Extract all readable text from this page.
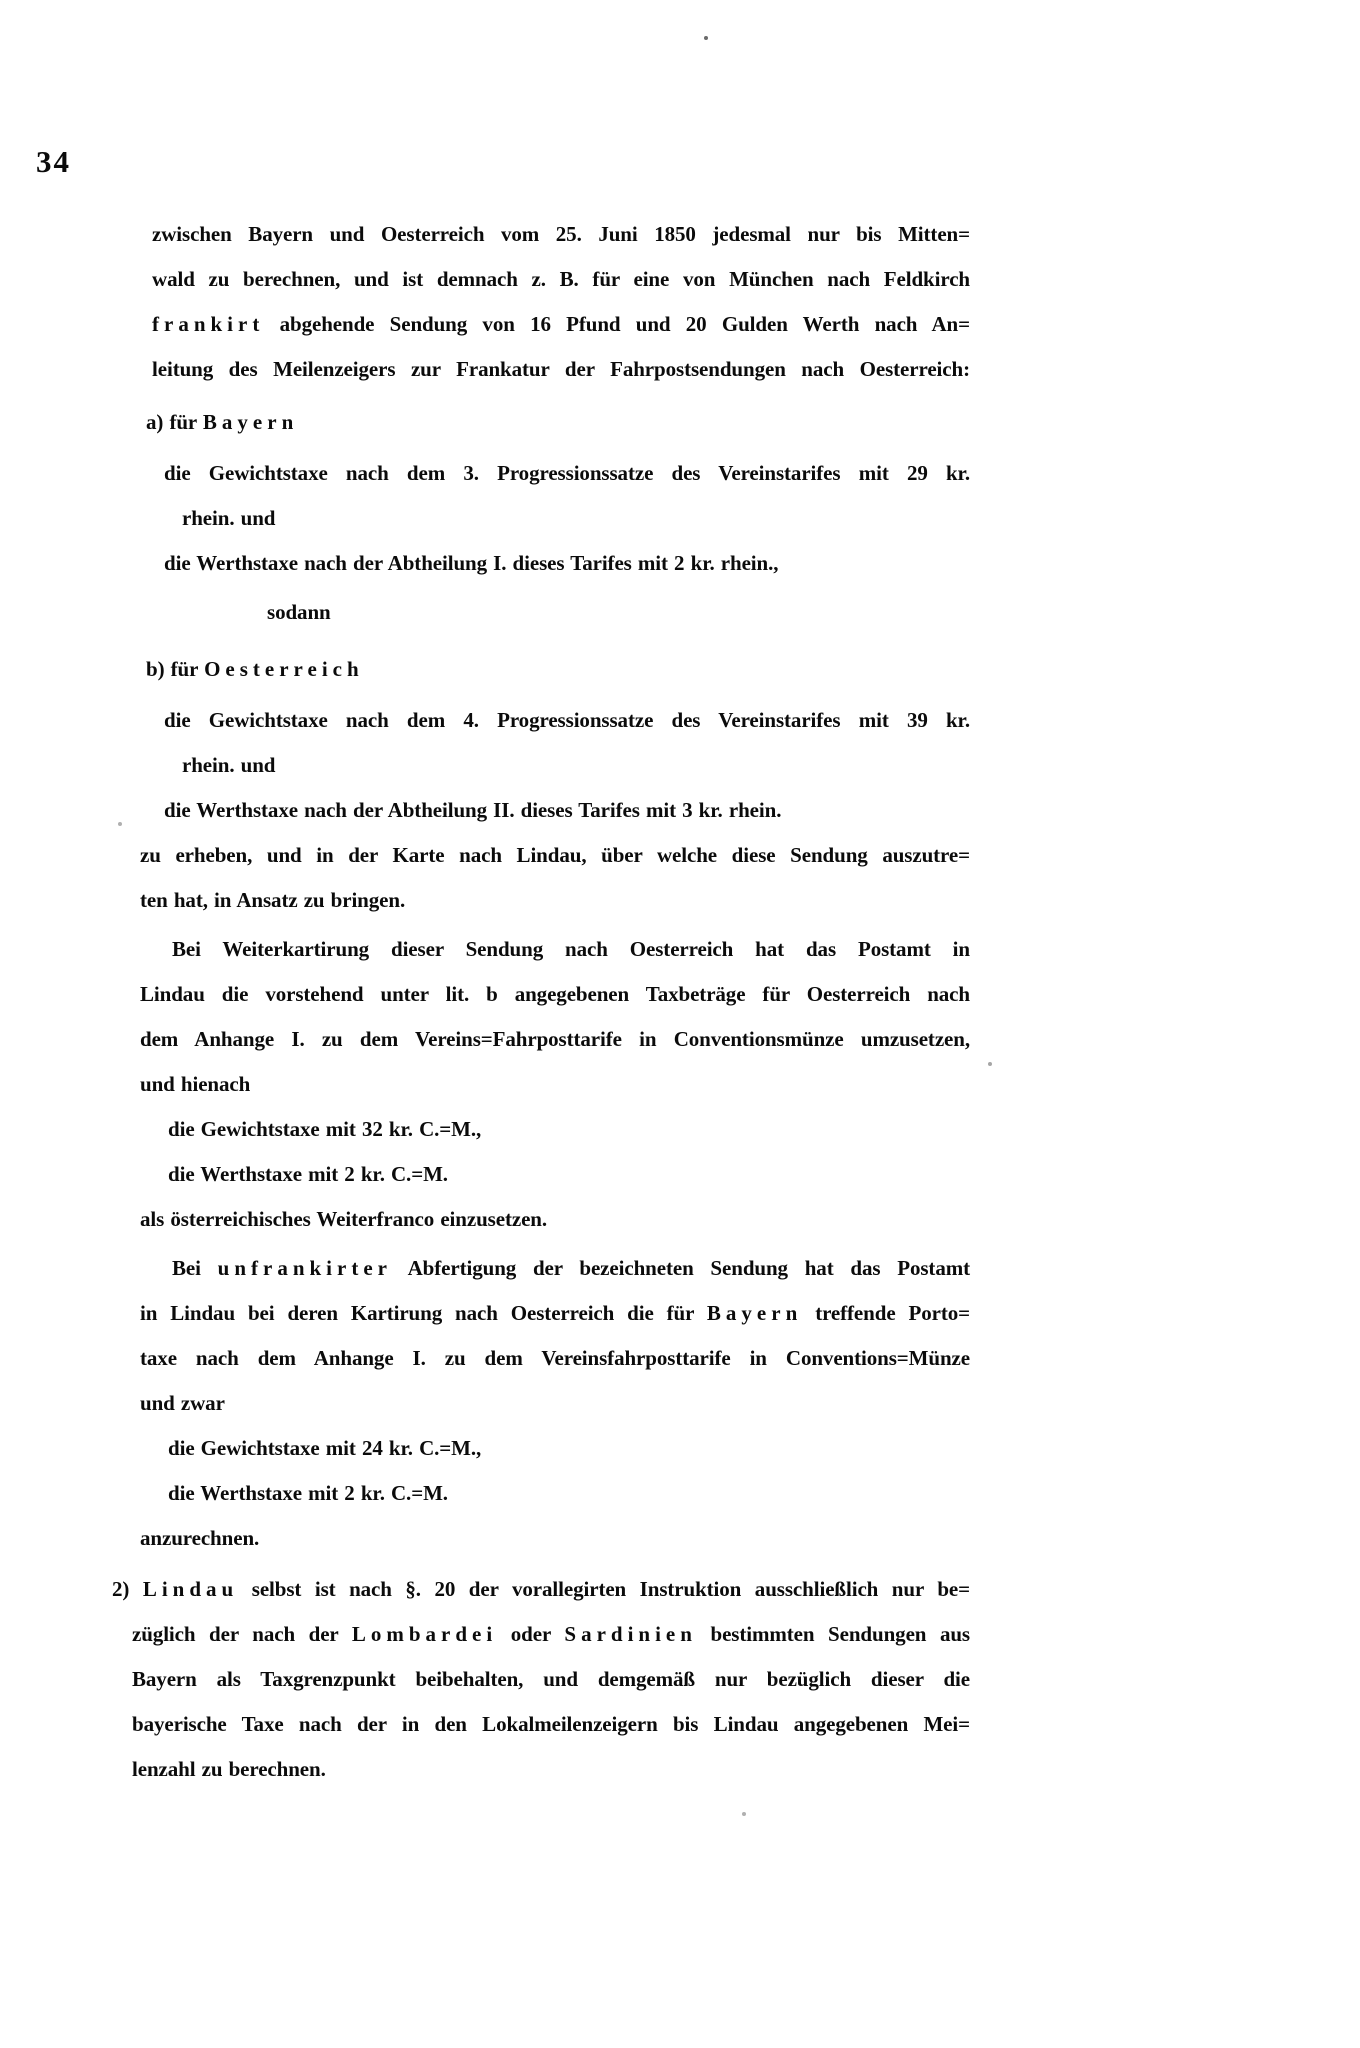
34
zwischen Bayern und Oesterreich vom 25. Juni 1850 jedesmal nur bis Mitten=
wald zu berechnen, und ist demnach z. B. für eine von München nach Feldkirch
frankirt abgehende Sendung von 16 Pfund und 20 Gulden Werth nach An=
leitung des Meilenzeigers zur Frankatur der Fahrpostsendungen nach Oesterreich:
a) für Bayern
die Gewichtstaxe nach dem 3. Progressionssatze des Vereinstarifes mit 29 kr.
rhein. und
die Werthstaxe nach der Abtheilung I. dieses Tarifes mit 2 kr. rhein.,
sodann
b) für Oesterreich
die Gewichtstaxe nach dem 4. Progressionssatze des Vereinstarifes mit 39 kr.
rhein. und
die Werthstaxe nach der Abtheilung II. dieses Tarifes mit 3 kr. rhein.
zu erheben, und in der Karte nach Lindau, über welche diese Sendung auszutre=
ten hat, in Ansatz zu bringen.
Bei Weiterkartirung dieser Sendung nach Oesterreich hat das Postamt in
Lindau die vorstehend unter lit. b angegebenen Taxbeträge für Oesterreich nach
dem Anhange I. zu dem Vereins=Fahrposttarife in Conventionsmünze umzusetzen,
und hienach
die Gewichtstaxe mit 32 kr. C.=M.,
die Werthstaxe mit 2 kr. C.=M.
als österreichisches Weiterfranco einzusetzen.
Bei unfrankirter Abfertigung der bezeichneten Sendung hat das Postamt
in Lindau bei deren Kartirung nach Oesterreich die für Bayern treffende Porto=
taxe nach dem Anhange I. zu dem Vereinsfahrposttarife in Conventions=Münze
und zwar
die Gewichtstaxe mit 24 kr. C.=M.,
die Werthstaxe mit 2 kr. C.=M.
anzurechnen.
2) Lindau selbst ist nach §. 20 der vorallegirten Instruktion ausschließlich nur be=
züglich der nach der Lombardei oder Sardinien bestimmten Sendungen aus
Bayern als Taxgrenzpunkt beibehalten, und demgemäß nur bezüglich dieser die
bayerische Taxe nach der in den Lokalmeilenzeigern bis Lindau angegebenen Mei=
lenzahl zu berechnen.
